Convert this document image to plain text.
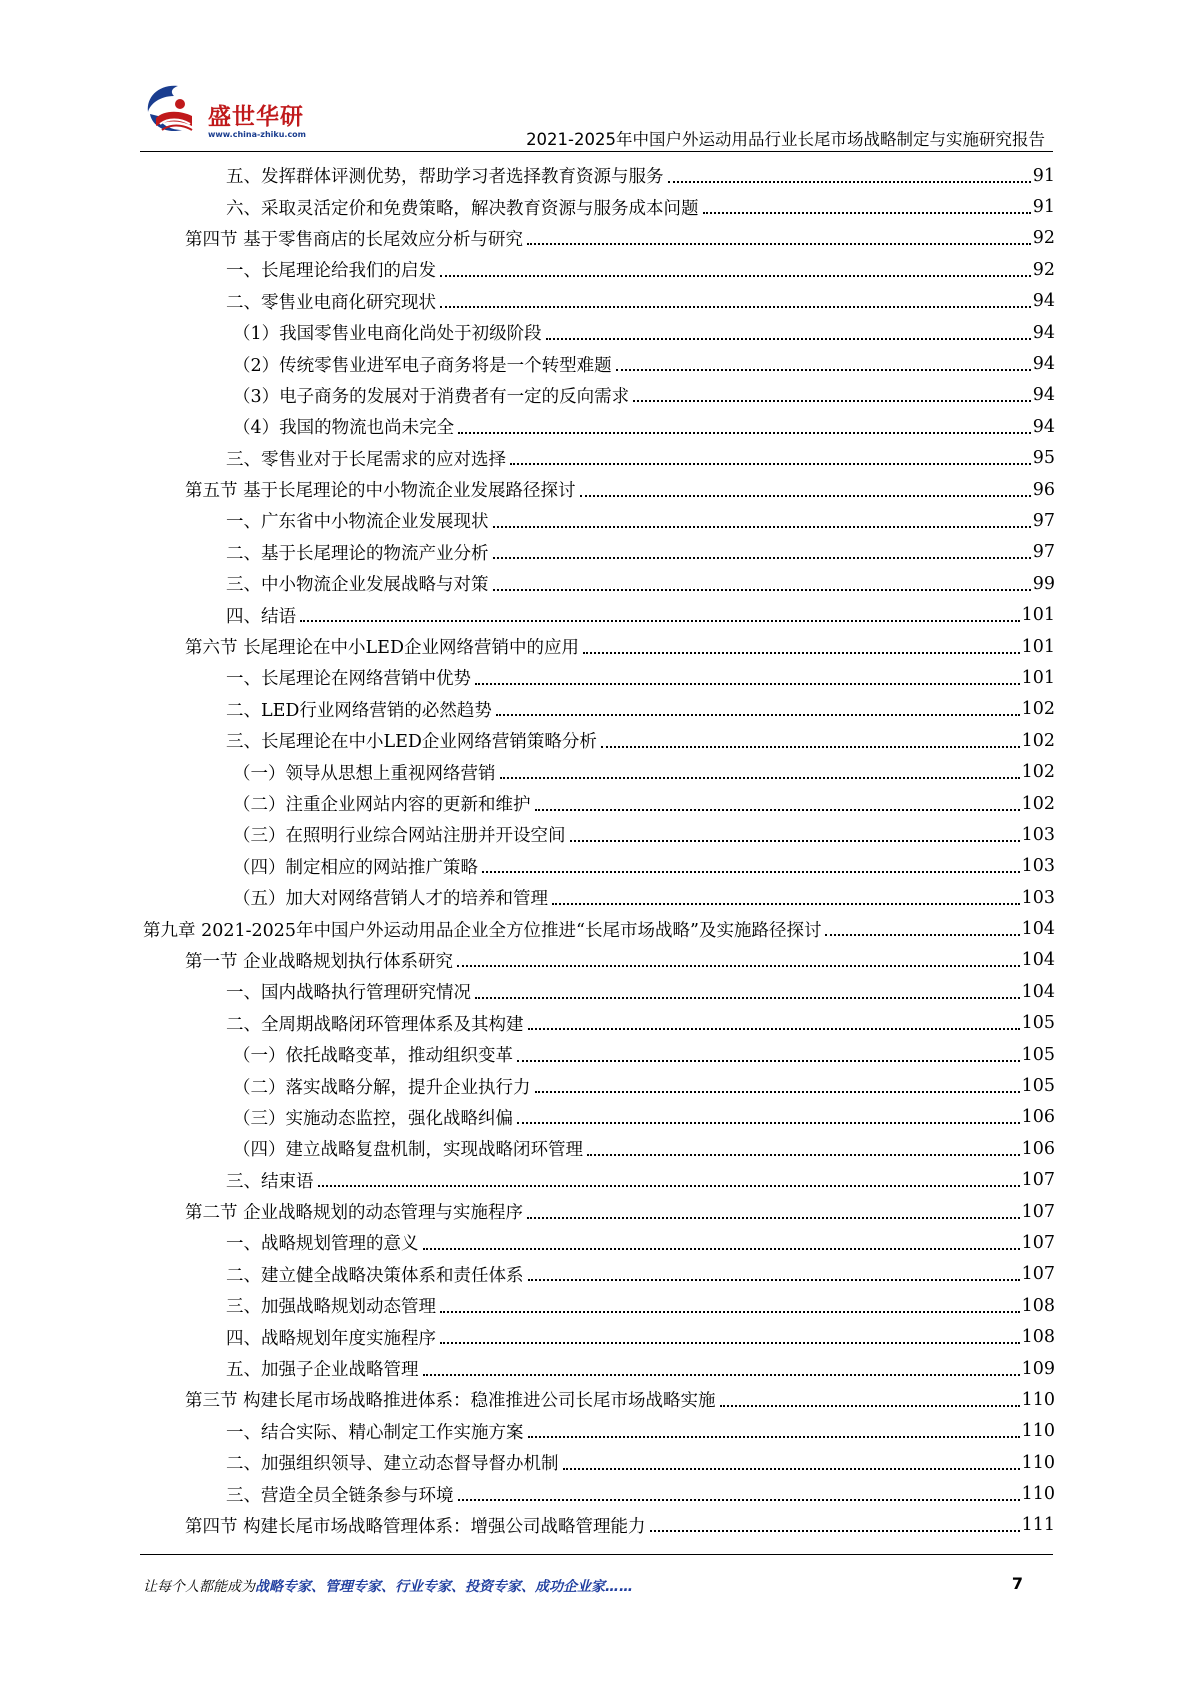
盛世华研
www.china-zhiku.com	2021-2025年中国户外运动用品行业长尾市场战略制定与实施研究报告
五、发挥群体评测优势，帮助学习者选择教育资源与服务	91
六、采取灵活定价和免费策略，解决教育资源与服务成本问题	91
第四节 基于零售商店的长尾效应分析与研究	92
一、长尾理论给我们的启发	92
二、零售业电商化研究现状	94
（1）我国零售业电商化尚处于初级阶段	94
（2）传统零售业进军电子商务将是一个转型难题	94
（3）电子商务的发展对于消费者有一定的反向需求	94
（4）我国的物流也尚未完全	94
三、零售业对于长尾需求的应对选择	95
第五节 基于长尾理论的中小物流企业发展路径探讨	96
一、广东省中小物流企业发展现状	97
二、基于长尾理论的物流产业分析	97
三、中小物流企业发展战略与对策	99
四、结语	101
第六节 长尾理论在中小LED企业网络营销中的应用	101
一、长尾理论在网络营销中优势	101
二、LED行业网络营销的必然趋势	102
三、长尾理论在中小LED企业网络营销策略分析	102
（一）领导从思想上重视网络营销	102
（二）注重企业网站内容的更新和维护	102
（三）在照明行业综合网站注册并开设空间	103
（四）制定相应的网站推广策略	103
（五）加大对网络营销人才的培养和管理	103
第九章 2021-2025年中国户外运动用品企业全方位推进“长尾市场战略”及实施路径探讨	104
第一节 企业战略规划执行体系研究	104
一、国内战略执行管理研究情况	104
二、全周期战略闭环管理体系及其构建	105
（一）依托战略变革，推动组织变革	105
（二）落实战略分解，提升企业执行力	105
（三）实施动态监控，强化战略纠偏	106
（四）建立战略复盘机制，实现战略闭环管理	106
三、结束语	107
第二节 企业战略规划的动态管理与实施程序	107
一、战略规划管理的意义	107
二、建立健全战略决策体系和责任体系	107
三、加强战略规划动态管理	108
四、战略规划年度实施程序	108
五、加强子企业战略管理	109
第三节 构建长尾市场战略推进体系：稳准推进公司长尾市场战略实施	110
一、结合实际、精心制定工作实施方案	110
二、加强组织领导、建立动态督导督办机制	110
三、营造全员全链条参与环境	110
第四节 构建长尾市场战略管理体系：增强公司战略管理能力	111
让每个人都能成为战略专家、管理专家、行业专家、投资专家、成功企业家……	7
